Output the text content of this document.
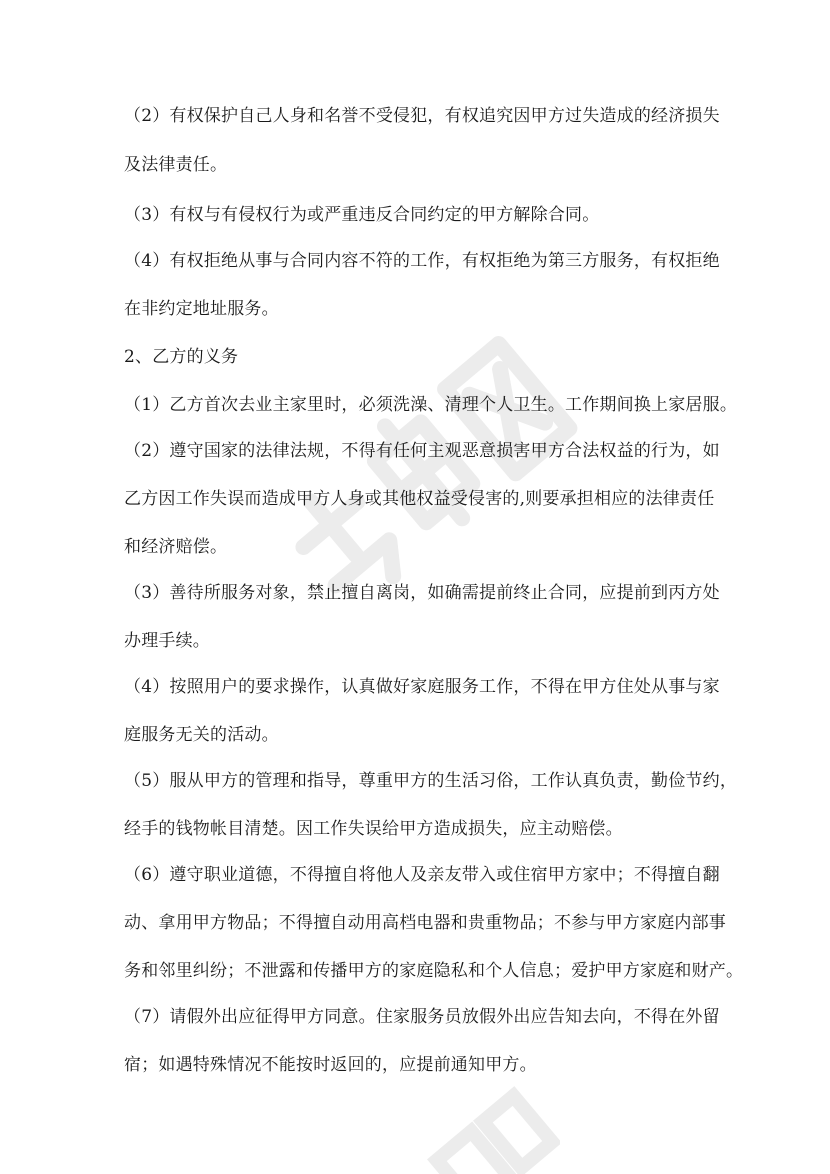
（2）有权保护自己人身和名誉不受侵犯，有权追究因甲方过失造成的经济损失
及法律责任。
（3）有权与有侵权行为或严重违反合同约定的甲方解除合同。
（4）有权拒绝从事与合同内容不符的工作，有权拒绝为第三方服务，有权拒绝
在非约定地址服务。
2、乙方的义务
（1）乙方首次去业主家里时，必须洗澡、清理个人卫生。工作期间换上家居服。
（2）遵守国家的法律法规，不得有任何主观恶意损害甲方合法权益的行为，如
乙方因工作失误而造成甲方人身或其他权益受侵害的,则要承担相应的法律责任
和经济赔偿。
（3）善待所服务对象，禁止擅自离岗，如确需提前终止合同，应提前到丙方处
办理手续。
（4）按照用户的要求操作，认真做好家庭服务工作，不得在甲方住处从事与家
庭服务无关的活动。
（5）服从甲方的管理和指导，尊重甲方的生活习俗，工作认真负责，勤俭节约，
经手的钱物帐目清楚。因工作失误给甲方造成损失，应主动赔偿。
（6）遵守职业道德，不得擅自将他人及亲友带入或住宿甲方家中；不得擅自翻
动、拿用甲方物品；不得擅自动用高档电器和贵重物品；不参与甲方家庭内部事
务和邻里纠纷；不泄露和传播甲方的家庭隐私和个人信息；爱护甲方家庭和财产。
（7）请假外出应征得甲方同意。住家服务员放假外出应告知去向，不得在外留
宿；如遇特殊情况不能按时返回的，应提前通知甲方。
